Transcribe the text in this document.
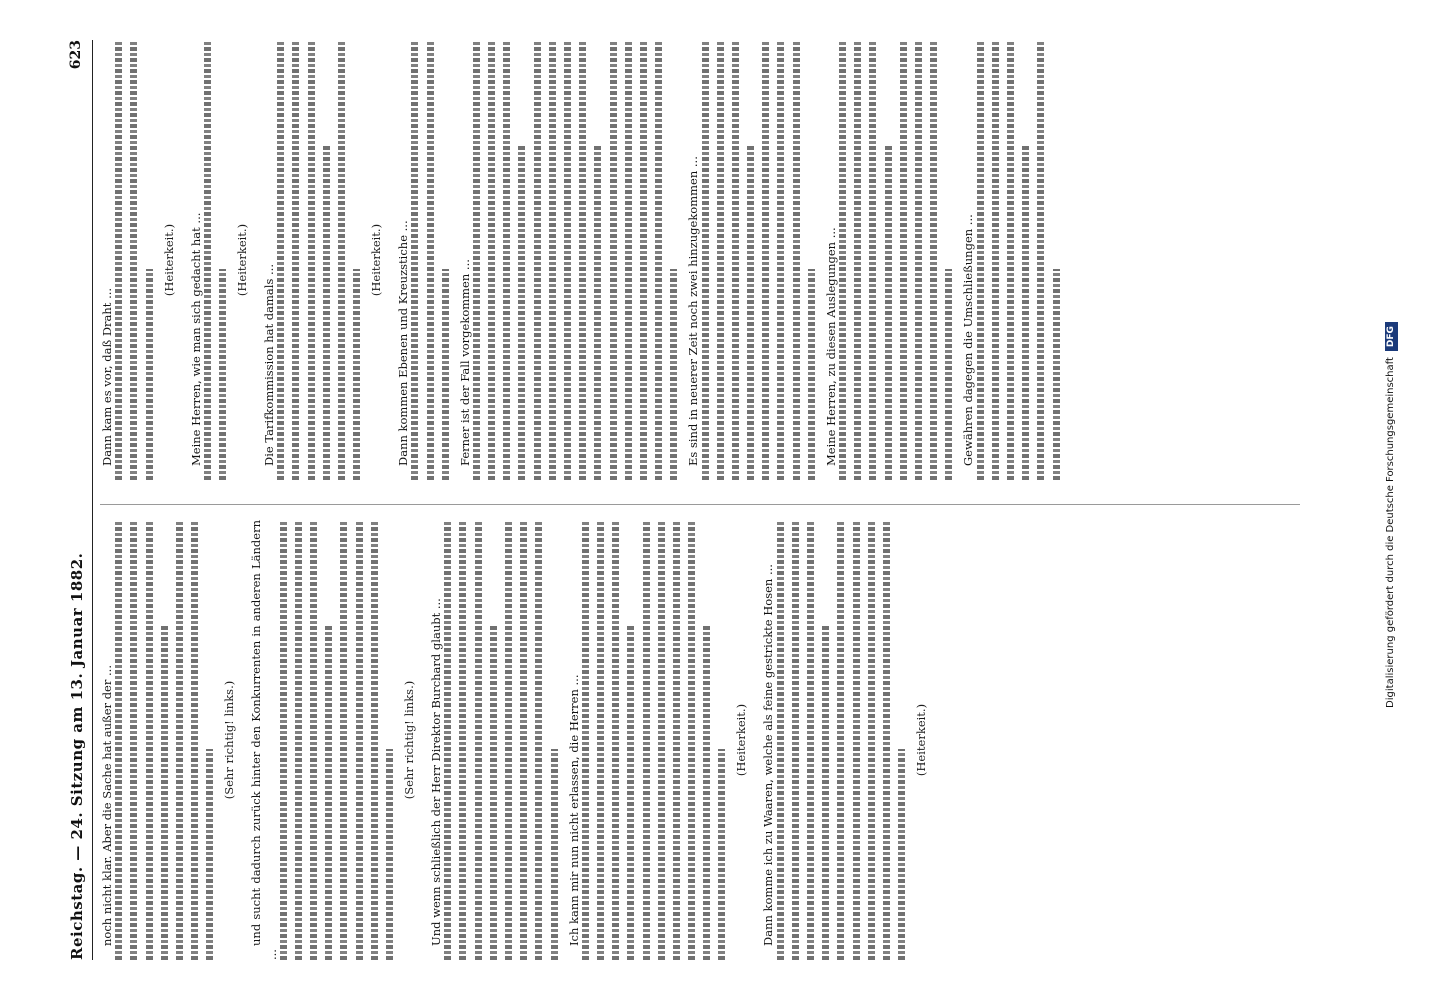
Reichstag. — 24. Sitzung am 13. Januar 1882.
623
noch nicht klar. Aber die Sache hat außer der ...	(Sehr richtig! links.) und sucht dadurch zurück hinter den Konkurrenten in anderen Ländern ...
(Sehr richtig! links.) Und wenn schließlich der Herr Direktor Burchard glaubt ...	Ich kann mir nun nicht erlassen, die Herren ...	(Heiterkeit.) Dann komme ich zu Waaren, welche als feine gestrickte Hosen ...	(Heiterkeit.)
Dann kam es vor, daß Draht ...
(Heiterkeit.) Meine Herren, wie man sich gedacht hat ...	(Heiterkeit.)
Die Tarifkommission hat damals ...
(Heiterkeit.) Dann kommen Ebenen und Kreuzstiche ...	Ferner ist der Fall vorgekommen ...	Es sind in neuerer Zeit noch zwei hinzugekommen ...	Meine Herren, zu diesen Auslegungen ...	Gewähren dagegen die Umschließungen ...
Digitalisierung gefördert durch die Deutsche ForschungsgemeinschaftDFG
